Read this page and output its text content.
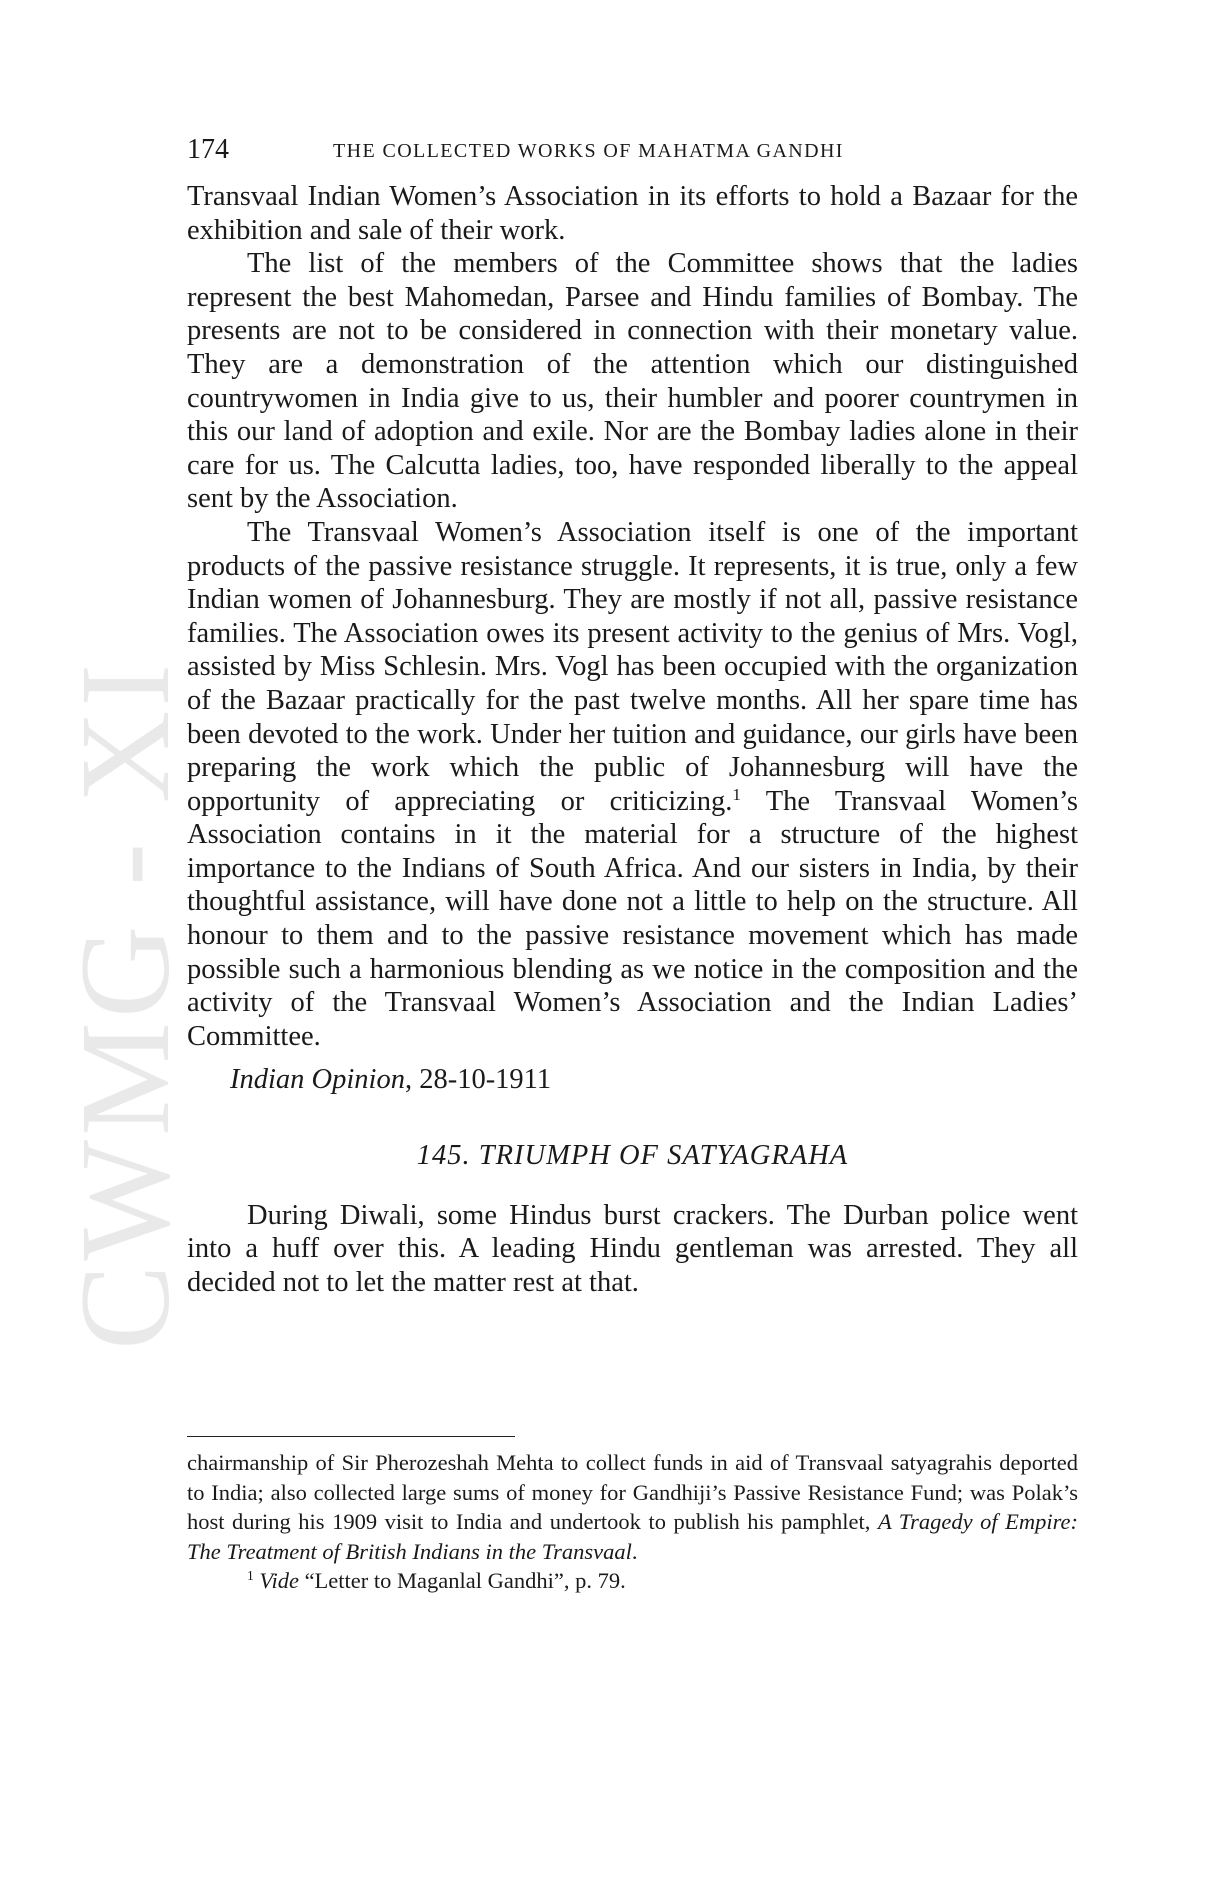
CWMG - XI
174	THE COLLECTED WORKS OF MAHATMA GANDHI

Transvaal Indian Women’s Association in its efforts to hold a Bazaar for the exhibition and sale of their work.

The list of the members of the Committee shows that the ladies represent the best Mahomedan, Parsee and Hindu families of Bombay. The presents are not to be considered in connection with their monetary value. They are a demonstration of the attention which our distinguished countrywomen in India give to us, their humbler and poorer countrymen in this our land of adoption and exile. Nor are the Bombay ladies alone in their care for us. The Calcutta ladies, too, have responded liberally to the appeal sent by the Association.

The Transvaal Women’s Association itself is one of the important products of the passive resistance struggle. It represents, it is true, only a few Indian women of Johannesburg. They are mostly if not all, passive resistance families. The Association owes its present activity to the genius of Mrs. Vogl, assisted by Miss Schlesin. Mrs. Vogl has been occupied with the organization of the Bazaar practically for the past twelve months. All her spare time has been devoted to the work. Under her tuition and guidance, our girls have been preparing the work which the public of Johannesburg will have the opportunity of appreciating or criticizing.$^1$ The Transvaal Women’s Association contains in it the material for a structure of the highest importance to the Indians of South Africa. And our sisters in India, by their thoughtful assistance, will have done not a little to help on the structure. All honour to them and to the passive resistance movement which has made possible such a harmonious blending as we notice in the composition and the activity of the Transvaal Women’s Association and the Indian Ladies’ Committee.

Indian Opinion, 28-10-1911

145. TRIUMPH OF SATYAGRAHA

During Diwali, some Hindus burst crackers. The Durban police went into a huff over this. A leading Hindu gentleman was arrested. They all decided not to let the matter rest at that.

chairmanship of Sir Pherozeshah Mehta to collect funds in aid of Transvaal satyagrahis deported to India; also collected large sums of money for Gandhiji’s Passive Resistance Fund; was Polak’s host during his 1909 visit to India and undertook to publish his pamphlet, A Tragedy of Empire: The Treatment of British Indians in the Transvaal.

$^1$ Vide “Letter to Maganlal Gandhi”, p. 79.
